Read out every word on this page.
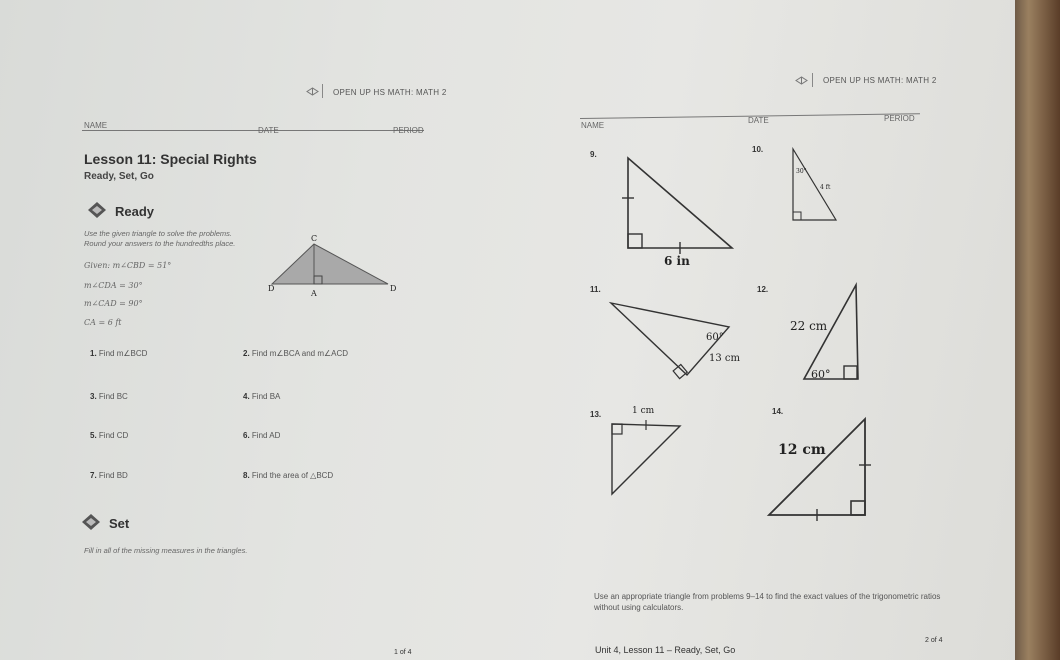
OPEN UP HS MATH: MATH 2
NAME
DATE	PERIOD
Lesson 11: Special Rights
Ready, Set, Go
Ready
Use the given triangle to solve the problems.
Round your answers to the hundredths place.
Given: m∠CBD = 51°
m∠CDA = 30°
m∠CAD = 90°
CA = 6 ft
C
D
A
D
1. Find m∠BCD	2. Find m∠BCA and m∠ACD
3. Find BC	4. Find BA
5. Find CD	6. Find AD
7. Find BD	8. Find the area of △BCD
Set
Fill in all of the missing measures in the triangles.
1 of 4
OPEN UP HS MATH: MATH 2
NAME
DATE	PERIOD
9.
6 in
10.
30°
4 ft
11.
60°
13 cm
12.
22 cm
60°
13.	1 cm	14.
12 cm
Use an appropriate triangle from problems 9–14 to find the exact values of the trigonometric ratios
without using calculators.
Unit 4, Lesson 11 – Ready, Set, Go
2 of 4
